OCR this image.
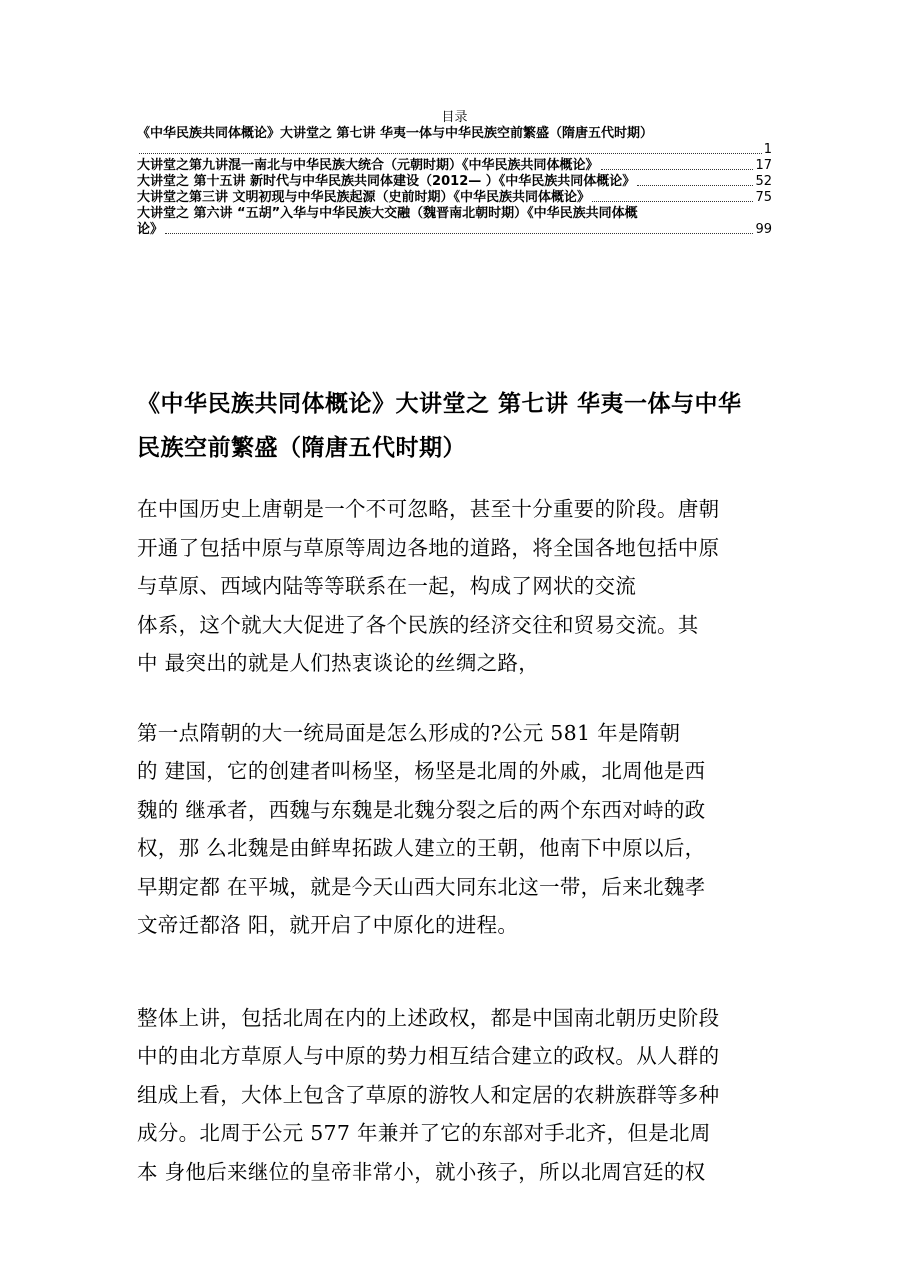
目录
《中华民族共同体概论》大讲堂之 第七讲 华夷一体与中华民族空前繁盛（隋唐五代时期）
1
大讲堂之第九讲混一南北与中华民族大统合（元朝时期）《中华民族共同体概论》	17
大讲堂之 第十五讲 新时代与中华民族共同体建设（2012— ）《中华民族共同体概论》	52
大讲堂之第三讲 文明初现与中华民族起源（史前时期）《中华民族共同体概论》	75
大讲堂之 第六讲 “五胡”入华与中华民族大交融（魏晋南北朝时期）《中华民族共同体概
论》	99
《中华民族共同体概论》大讲堂之 第七讲 华夷一体与中华
民族空前繁盛（隋唐五代时期）

在中国历史上唐朝是一个不可忽略，甚至十分重要的阶段。唐朝
开通了包括中原与草原等周边各地的道路，将全国各地包括中原
与草原、西域内陆等等联系在一起，构成了网状的交流
体系，这个就大大促进了各个民族的经济交往和贸易交流。其
中 最突出的就是人们热衷谈论的丝绸之路，

第一点隋朝的大一统局面是怎么形成的?公元 581 年是隋朝
的 建国，它的创建者叫杨坚，杨坚是北周的外戚，北周他是西
魏的 继承者，西魏与东魏是北魏分裂之后的两个东西对峙的政
权，那 么北魏是由鲜卑拓跋人建立的王朝，他南下中原以后，
早期定都 在平城，就是今天山西大同东北这一带，后来北魏孝
文帝迁都洛 阳，就开启了中原化的进程。

整体上讲，包括北周在内的上述政权，都是中国南北朝历史阶段
中的由北方草原人与中原的势力相互结合建立的政权。从人群的
组成上看，大体上包含了草原的游牧人和定居的农耕族群等多种
成分。北周于公元 577 年兼并了它的东部对手北齐，但是北周
本 身他后来继位的皇帝非常小，就小孩子，所以北周宫廷的权
